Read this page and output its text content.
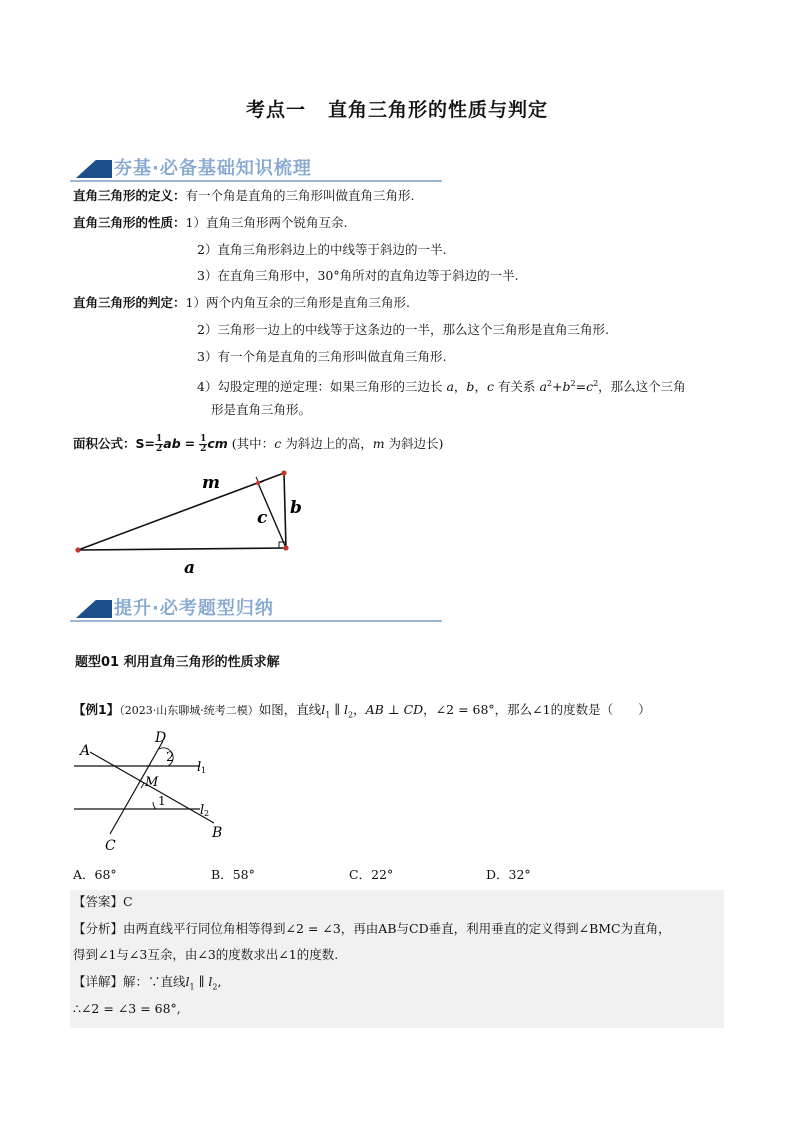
考点一 直角三角形的性质与判定
夯基·必备基础知识梳理
直角三角形的定义：有一个角是直角的三角形叫做直角三角形.
直角三角形的性质：1）直角三角形两个锐角互余.
2）直角三角形斜边上的中线等于斜边的一半.
3）在直角三角形中，30°角所对的直角边等于斜边的一半.
直角三角形的判定：1）两个内角互余的三角形是直角三角形.
2）三角形一边上的中线等于这条边的一半，那么这个三角形是直角三角形.
3）有一个角是直角的三角形叫做直角三角形.
4）勾股定理的逆定理：如果三角形的三边长 a，b，c 有关系 $a^2+b^2=c^2$，那么这个三角
形是直角三角形。
面积公式：$S= \frac{1}{2}$ ab = $\frac{1}{2}$ cm (其中：c 为斜边上的高，m 为斜边长)
m
c b
a
提升·必考题型归纳
题型01 利用直角三角形的性质求解
【例1】（2023·山东聊城·统考二模）如图，直线$l_1$ ∥ $l_2$，AB ⊥ CD，∠2 = 68°，那么∠1的度数是（　　）
A
D
2
l 1
M
1
l 2
B
C
A．68°	B．58°	C．22°	D．32°
【答案】C
【分析】由两直线平行同位角相等得到∠2 = ∠3，再由AB与CD垂直，利用垂直的定义得到∠BMC为直角，
得到∠1与∠3互余，由∠3的度数求出∠1的度数.
【详解】解：∵直线$l_1$ ∥ $l_2$,
∴∠2 = ∠3 = 68°,
